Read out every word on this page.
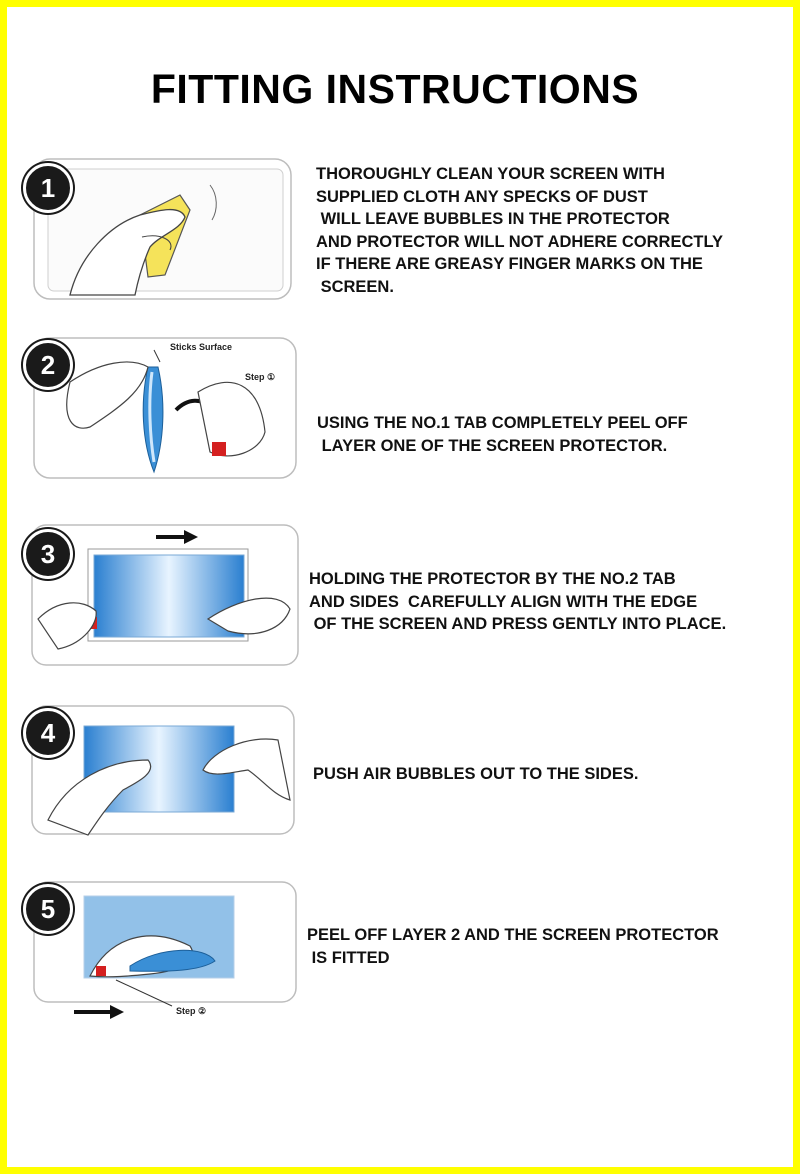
FITTING INSTRUCTIONS
1	THOROUGHLY CLEAN YOUR SCREEN WITH
SUPPLIED CLOTH ANY SPECKS OF DUST
WILL LEAVE BUBBLES IN THE PROTECTOR
AND PROTECTOR WILL NOT ADHERE CORRECTLY
IF THERE ARE GREASY FINGER MARKS ON THE
SCREEN.
Sticks Surface
Step ①
2
USING THE NO.1 TAB COMPLETELY PEEL OFF
LAYER ONE OF THE SCREEN PROTECTOR.
3
HOLDING THE PROTECTOR BY THE NO.2 TAB
AND SIDES  CAREFULLY ALIGN WITH THE EDGE
OF THE SCREEN AND PRESS GENTLY INTO PLACE.
4
PUSH AIR BUBBLES OUT TO THE SIDES.
Step ②
5
PEEL OFF LAYER 2 AND THE SCREEN PROTECTOR
IS FITTED
